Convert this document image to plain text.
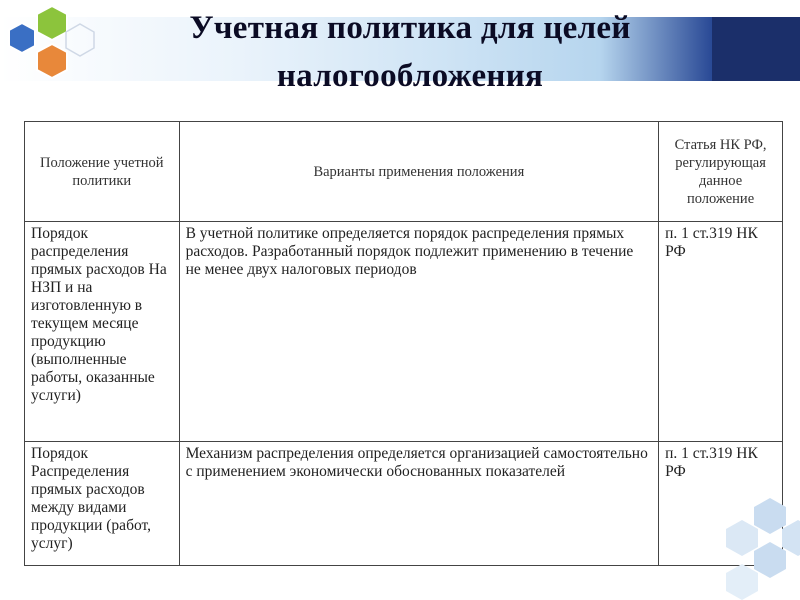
Учетная политика для целей
налогообложения
Положение учетной политики	Варианты применения положения	Статья НК РФ, регулирующая данное положение
Порядок распределения прямых расходов На НЗП и на изготовленную в текущем месяце продукцию (выполненные работы, оказанные услуги)	В учетной политике определяется порядок распределения прямых расходов. Разработанный порядок подлежит применению в течение не менее двух налоговых периодов	п. 1 ст.319 НК РФ
Порядок Распределения прямых расходов между видами продукции (работ, услуг)	Механизм распределения определяется организацией самостоятельно с применением экономически обоснованных показателей	п. 1 ст.319 НК РФ
